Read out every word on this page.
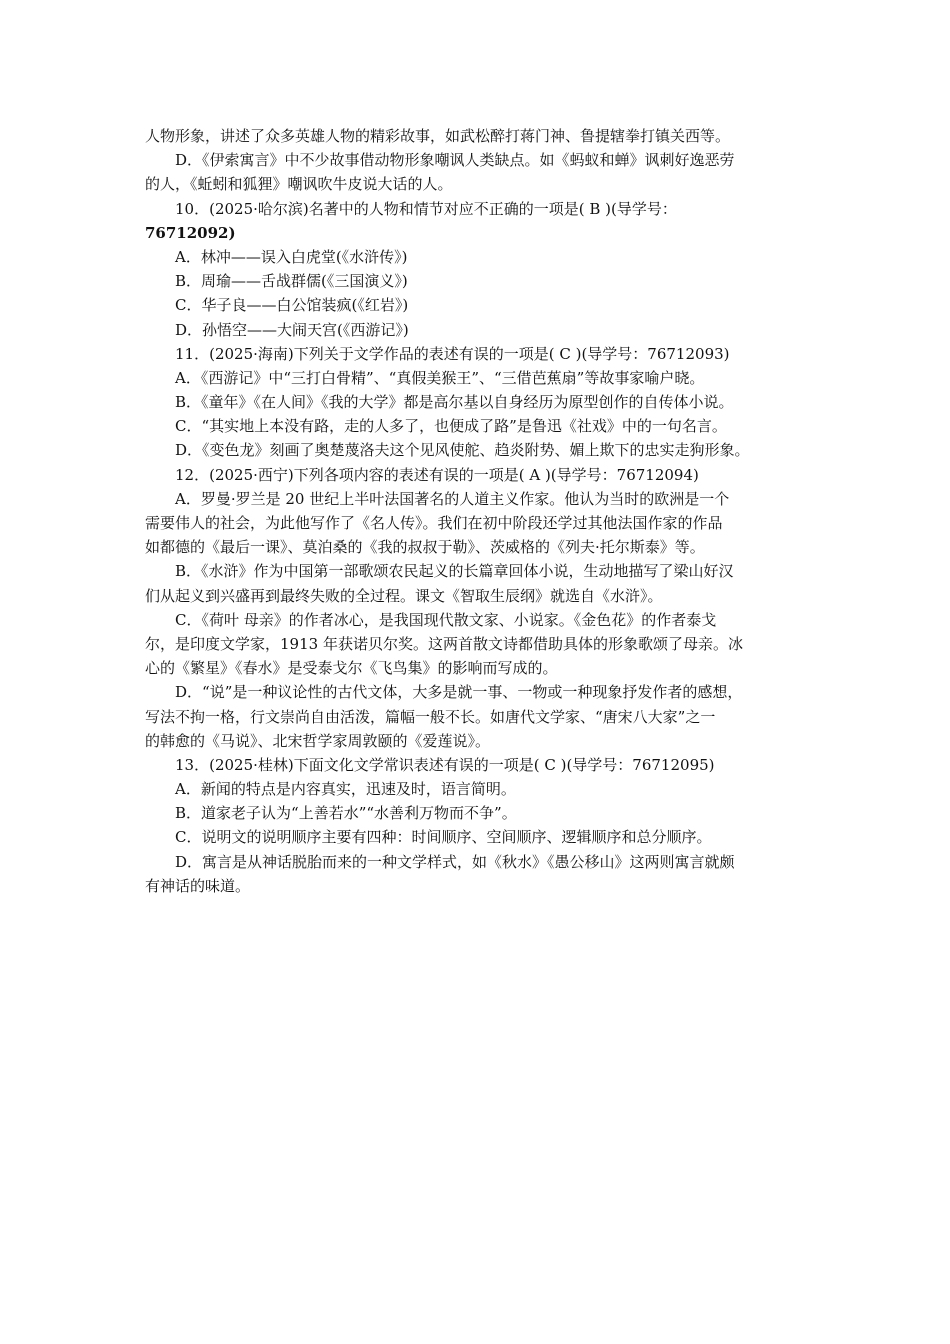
人物形象，讲述了众多英雄人物的精彩故事，如武松醉打蒋门神、鲁提辖拳打镇关西等。
D．《伊索寓言》中不少故事借动物形象嘲讽人类缺点。如《蚂蚁和蝉》讽刺好逸恶劳
的人，《蚯蚓和狐狸》嘲讽吹牛皮说大话的人。
10．(2025·哈尔滨)名著中的人物和情节对应不正确的一项是( B )(导学号：
76712092)
A．林冲——误入白虎堂(《水浒传》)
B．周瑜——舌战群儒(《三国演义》)
C．华子良——白公馆装疯(《红岩》)
D．孙悟空——大闹天宫(《西游记》)
11．(2025·海南)下列关于文学作品的表述有误的一项是( C )(导学号：76712093)
A．《西游记》中“三打白骨精”、“真假美猴王”、“三借芭蕉扇”等故事家喻户晓。
B．《童年》《在人间》《我的大学》都是高尔基以自身经历为原型创作的自传体小说。
C．“其实地上本没有路，走的人多了，也便成了路”是鲁迅《社戏》中的一句名言。
D．《变色龙》刻画了奥楚蔑洛夫这个见风使舵、趋炎附势、媚上欺下的忠实走狗形象。
12．(2025·西宁)下列各项内容的表述有误的一项是( A )(导学号：76712094)
A．罗曼·罗兰是 20 世纪上半叶法国著名的人道主义作家。他认为当时的欧洲是一个
需要伟人的社会，为此他写作了《名人传》。我们在初中阶段还学过其他法国作家的作品
如都德的《最后一课》、莫泊桑的《我的叔叔于勒》、茨威格的《列夫·托尔斯泰》等。
B．《水浒》作为中国第一部歌颂农民起义的长篇章回体小说，生动地描写了梁山好汉
们从起义到兴盛再到最终失败的全过程。课文《智取生辰纲》就选自《水浒》。
C．《荷叶 母亲》的作者冰心，是我国现代散文家、小说家。《金色花》的作者泰戈
尔，是印度文学家，1913 年获诺贝尔奖。这两首散文诗都借助具体的形象歌颂了母亲。冰
心的《繁星》《春水》是受泰戈尔《飞鸟集》的影响而写成的。
D．“说”是一种议论性的古代文体，大多是就一事、一物或一种现象抒发作者的感想，
写法不拘一格，行文崇尚自由活泼，篇幅一般不长。如唐代文学家、“唐宋八大家”之一
的韩愈的《马说》、北宋哲学家周敦颐的《爱莲说》。
13．(2025·桂林)下面文化文学常识表述有误的一项是( C )(导学号：76712095)
A．新闻的特点是内容真实，迅速及时，语言简明。
B．道家老子认为“上善若水”“水善利万物而不争”。
C．说明文的说明顺序主要有四种：时间顺序、空间顺序、逻辑顺序和总分顺序。
D．寓言是从神话脱胎而来的一种文学样式，如《秋水》《愚公移山》这两则寓言就颇
有神话的味道。
